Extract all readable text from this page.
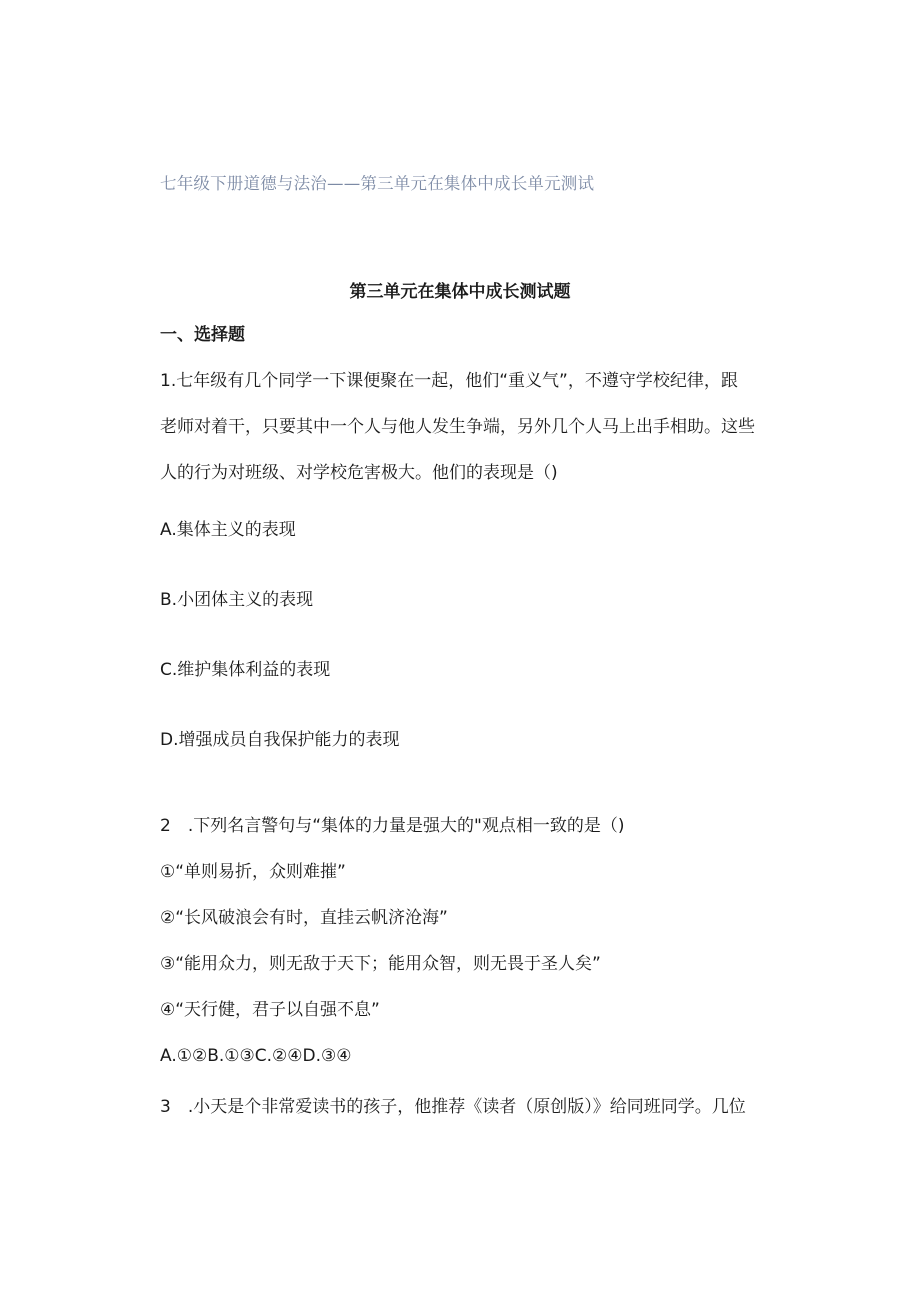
七年级下册道德与法治——第三单元在集体中成长单元测试
第三单元在集体中成长测试题
一、选择题
1.七年级有几个同学一下课便聚在一起，他们“重义气”，不遵守学校纪律，跟
老师对着干，只要其中一个人与他人发生争端，另外几个人马上出手相助。这些
人的行为对班级、对学校危害极大。他们的表现是（)
A.集体主义的表现
B.小团体主义的表现
C.维护集体利益的表现
D.增强成员自我保护能力的表现
2　.下列名言警句与“集体的力量是强大的"观点相一致的是（)
①“单则易折，众则难摧”
②“长风破浪会有时，直挂云帆济沧海”
③“能用众力，则无敌于天下；能用众智，则无畏于圣人矣”
④“天行健，君子以自强不息”
A.①②B.①③C.②④D.③④
3　.小天是个非常爱读书的孩子，他推荐《读者（原创版）》给同班同学。几位
